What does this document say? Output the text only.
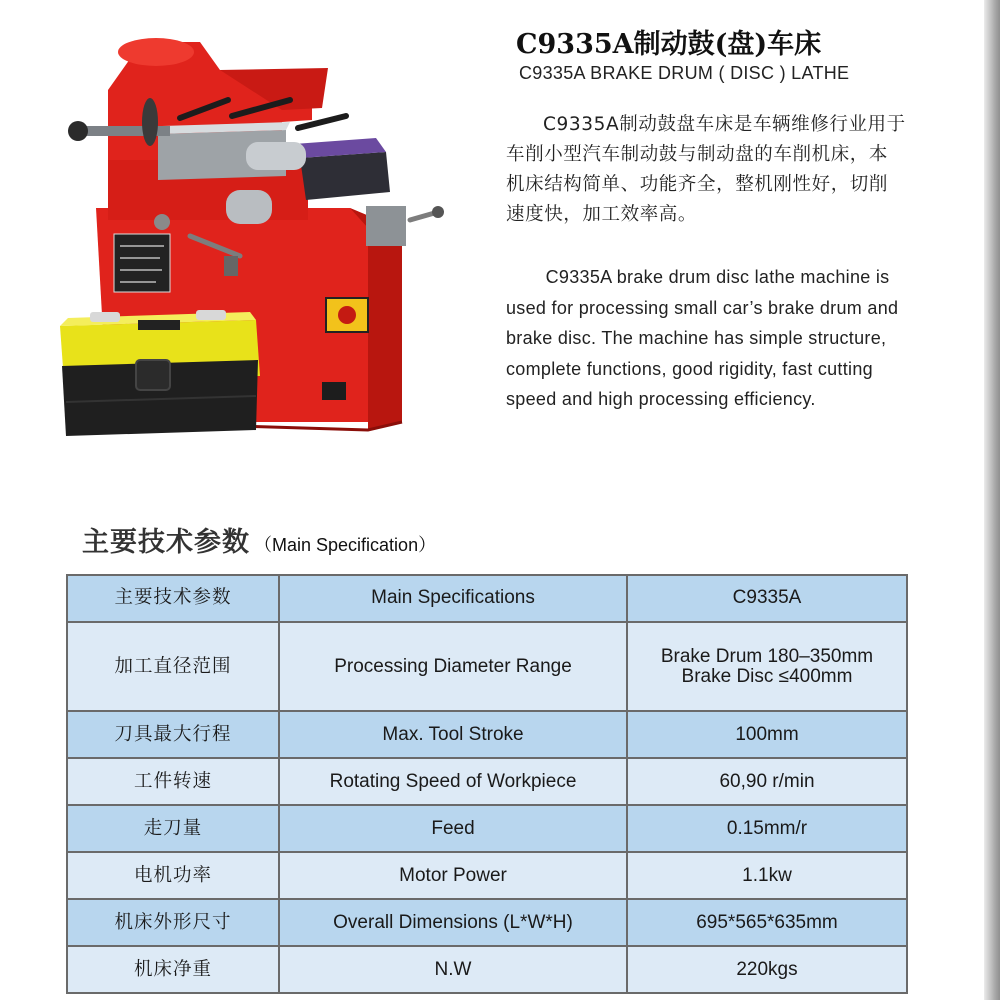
C9335A制动鼓(盘)车床
C9335A BRAKE DRUM ( DISC ) LATHE

C9335A制动鼓盘车床是车辆维修行业用于车削小型汽车制动鼓与制动盘的车削机床，本机床结构简单、功能齐全，整机刚性好，切削速度快，加工效率高。

C9335A brake drum disc lathe machine is used for processing small car’s brake drum and brake disc. The machine has simple structure, complete functions, good rigidity, fast cutting speed and high processing efficiency.

主要技术参数 （Main Specification）
主要技术参数	Main Specifications	C9335A
加工直径范围	Processing Diameter Range	Brake Drum 180–350mm
Brake Disc ≤400mm

刀具最大行程	Max. Tool Stroke	100mm
工件转速	Rotating Speed of Workpiece	60,90 r/min
走刀量	Feed	0.15mm/r
电机功率	Motor Power	1.1kw
机床外形尺寸	Overall Dimensions (L*W*H)	695*565*635mm
机床净重	N.W	220kgs
